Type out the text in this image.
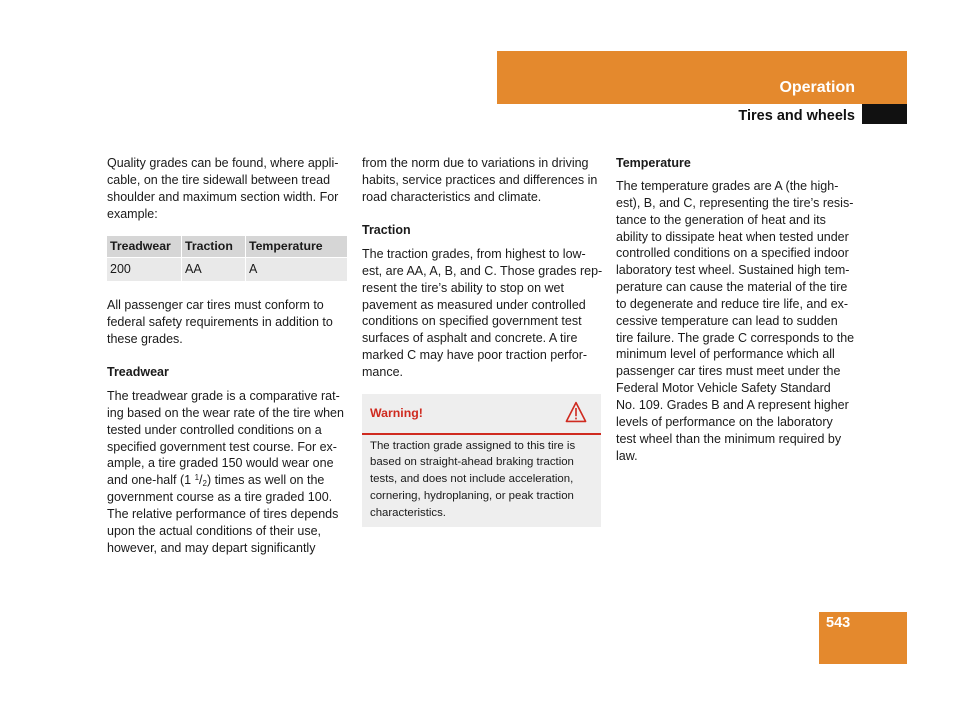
Operation
Tires and wheels
Quality grades can be found, where appli-
cable, on the tire sidewall between tread
shoulder and maximum section width. For
example:
Treadwear	Traction	Temperature
200	AA	A
All passenger car tires must conform to
federal safety requirements in addition to
these grades.
Treadwear
The treadwear grade is a comparative rat-
ing based on the wear rate of the tire when
tested under controlled conditions on a
specified government test course. For ex-
ample, a tire graded 150 would wear one
and one-half (1 $^1/_2$) times as well on the
government course as a tire graded 100.
The relative performance of tires depends
upon the actual conditions of their use,
however, and may depart significantly
from the norm due to variations in driving
habits, service practices and differences in
road characteristics and climate.
Traction
The traction grades, from highest to low-
est, are AA, A, B, and C. Those grades rep-
resent the tire’s ability to stop on wet
pavement as measured under controlled
conditions on specified government test
surfaces of asphalt and concrete. A tire
marked C may have poor traction perfor-
mance.
Warning!
The traction grade assigned to this tire is
based on straight-ahead braking traction
tests, and does not include acceleration,
cornering, hydroplaning, or peak traction
characteristics.
Temperature
The temperature grades are A (the high-
est), B, and C, representing the tire’s resis-
tance to the generation of heat and its
ability to dissipate heat when tested under
controlled conditions on a specified indoor
laboratory test wheel. Sustained high tem-
perature can cause the material of the tire
to degenerate and reduce tire life, and ex-
cessive temperature can lead to sudden
tire failure. The grade C corresponds to the
minimum level of performance which all
passenger car tires must meet under the
Federal Motor Vehicle Safety Standard
No. 109. Grades B and A represent higher
levels of performance on the laboratory
test wheel than the minimum required by
law.
543
